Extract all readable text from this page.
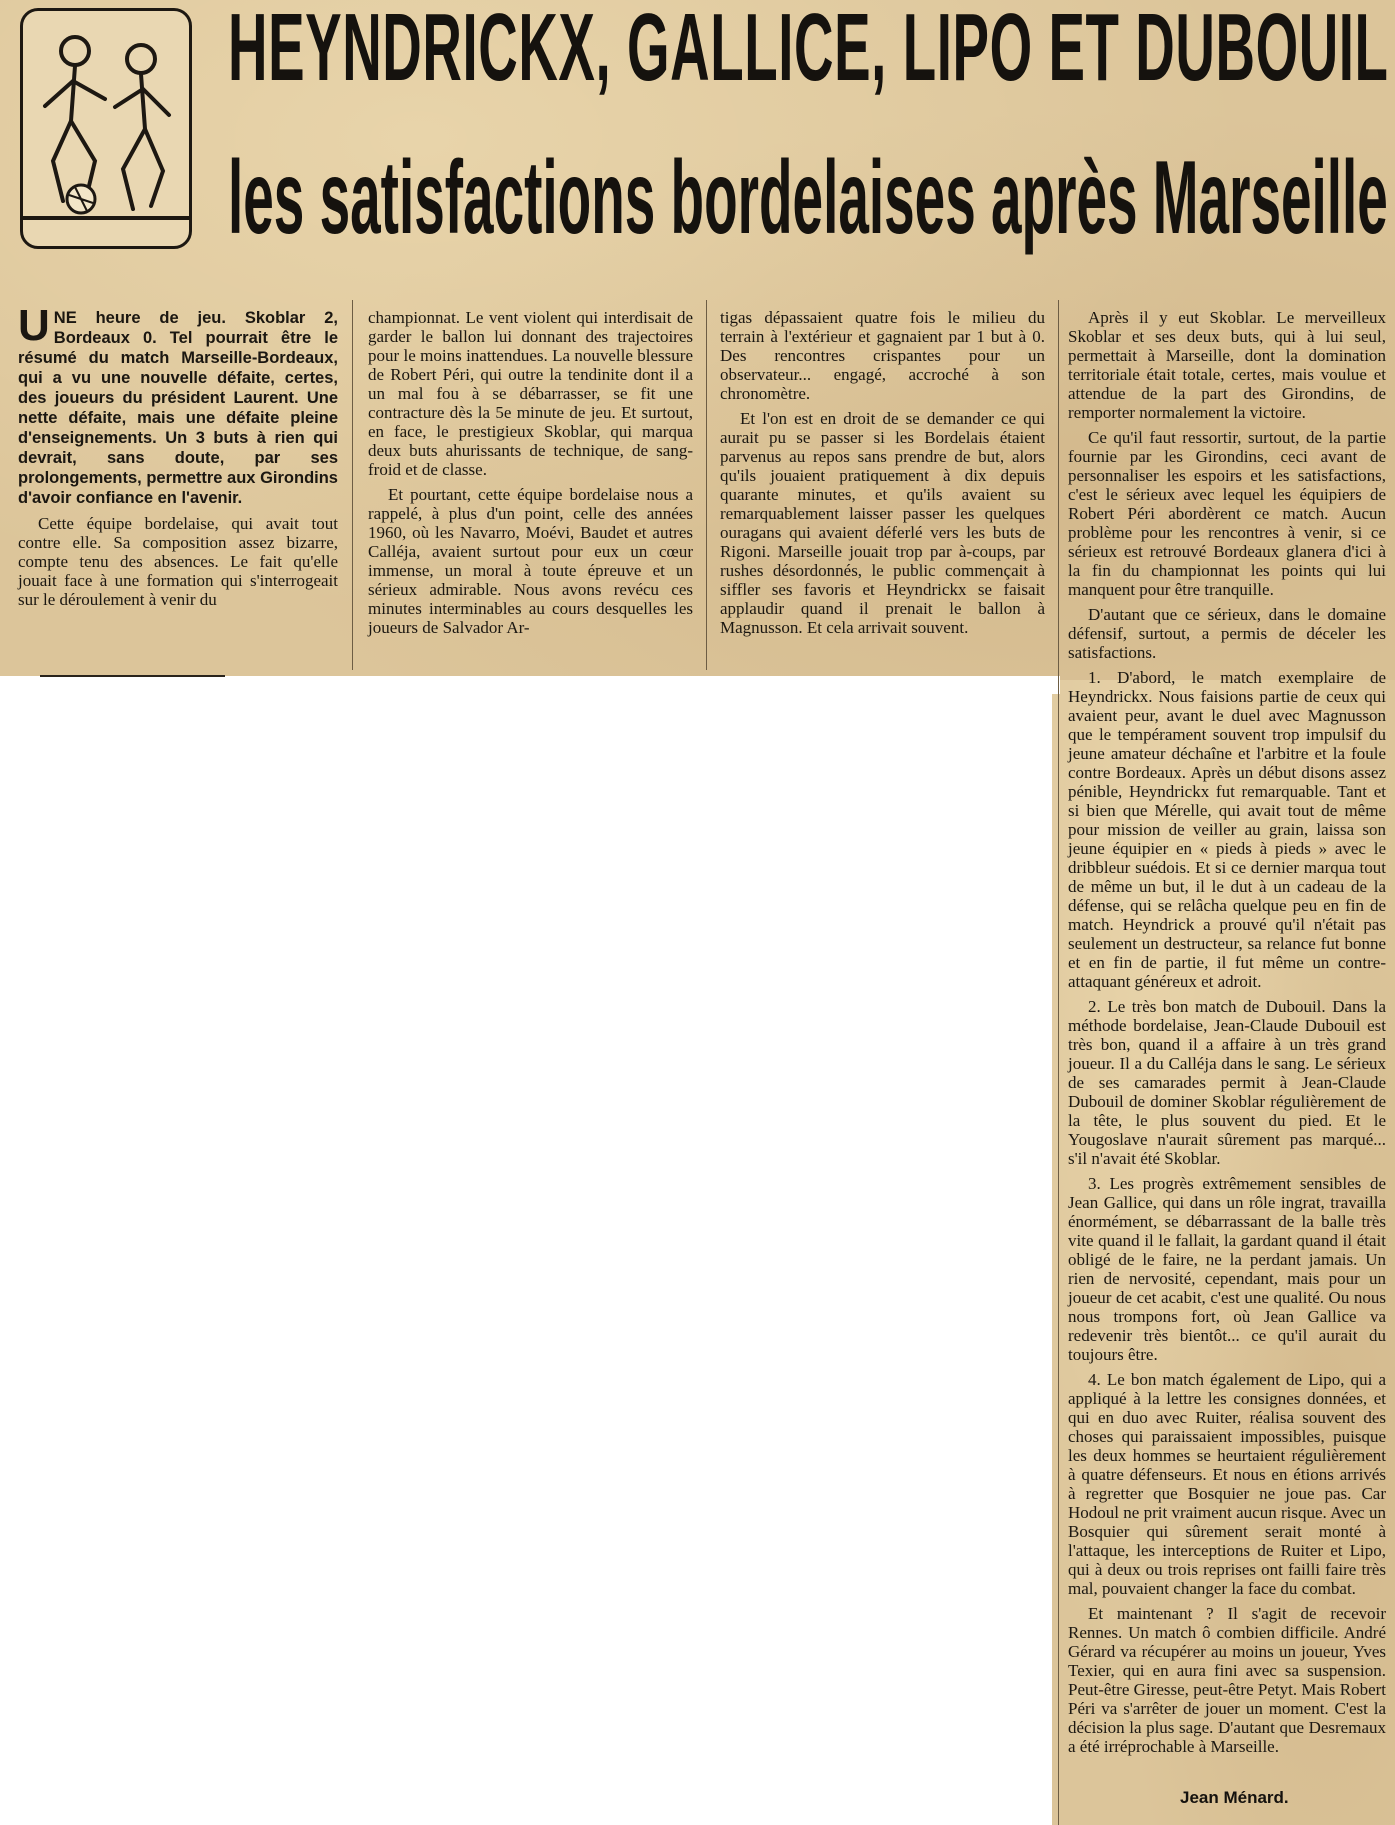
HEYNDRICKX, GALLICE, LIPO ET DUBOUIL
les satisfactions bordelaises après Marseille

UNE heure de jeu. Skoblar 2, Bordeaux 0. Tel pourrait être le résumé du match Marseille-Bordeaux, qui a vu une nouvelle défaite, certes, des joueurs du président Laurent. Une nette défaite, mais une défaite pleine d'enseignements. Un 3 buts à rien qui devrait, sans doute, par ses prolongements, permettre aux Girondins d'avoir confiance en l'avenir.

Cette équipe bordelaise, qui avait tout contre elle. Sa composition assez bizarre, compte tenu des absences. Le fait qu'elle jouait face à une formation qui s'interrogeait sur le déroulement à venir du

championnat. Le vent violent qui interdisait de garder le ballon lui donnant des trajectoires pour le moins inattendues. La nouvelle blessure de Robert Péri, qui outre la tendinite dont il a un mal fou à se débarrasser, se fit une contracture dès la 5e minute de jeu. Et surtout, en face, le prestigieux Skoblar, qui marqua deux buts ahurissants de technique, de sang-froid et de classe.

Et pourtant, cette équipe bordelaise nous a rappelé, à plus d'un point, celle des années 1960, où les Navarro, Moévi, Baudet et autres Calléja, avaient surtout pour eux un cœur immense, un moral à toute épreuve et un sérieux admirable. Nous avons revécu ces minutes interminables au cours desquelles les joueurs de Salvador Ar-

tigas dépassaient quatre fois le milieu du terrain à l'extérieur et gagnaient par 1 but à 0. Des rencontres crispantes pour un observateur... engagé, accroché à son chronomètre.

Et l'on est en droit de se demander ce qui aurait pu se passer si les Bordelais étaient parvenus au repos sans prendre de but, alors qu'ils jouaient pratiquement à dix depuis quarante minutes, et qu'ils avaient su remarquablement laisser passer les quelques ouragans qui avaient déferlé vers les buts de Rigoni. Marseille jouait trop par à-coups, par rushes désordonnés, le public commençait à siffler ses favoris et Heyndrickx se faisait applaudir quand il prenait le ballon à Magnusson. Et cela arrivait souvent.

Après il y eut Skoblar. Le merveilleux Skoblar et ses deux buts, qui à lui seul, permettait à Marseille, dont la domination territoriale était totale, certes, mais voulue et attendue de la part des Girondins, de remporter normalement la victoire.

Ce qu'il faut ressortir, surtout, de la partie fournie par les Girondins, ceci avant de personnaliser les espoirs et les satisfactions, c'est le sérieux avec lequel les équipiers de Robert Péri abordèrent ce match. Aucun problème pour les rencontres à venir, si ce sérieux est retrouvé Bordeaux glanera d'ici à la fin du championnat les points qui lui manquent pour être tranquille.

D'autant que ce sérieux, dans le domaine défensif, surtout, a permis de déceler les satisfactions.

1. D'abord, le match exemplaire de Heyndrickx. Nous faisions partie de ceux qui avaient peur, avant le duel avec Magnusson que le tempérament souvent trop impulsif du jeune amateur déchaîne et l'arbitre et la foule contre Bordeaux. Après un début disons assez pénible, Heyndrickx fut remarquable. Tant et si bien que Mérelle, qui avait tout de même pour mission de veiller au grain, laissa son jeune équipier en « pieds à pieds » avec le dribbleur suédois. Et si ce dernier marqua tout de même un but, il le dut à un cadeau de la défense, qui se relâcha quelque peu en fin de match. Heyndrick a prouvé qu'il n'était pas seulement un destructeur, sa relance fut bonne et en fin de partie, il fut même un contre-attaquant généreux et adroit.

2. Le très bon match de Dubouil. Dans la méthode bordelaise, Jean-Claude Dubouil est très bon, quand il a affaire à un très grand joueur. Il a du Calléja dans le sang. Le sérieux de ses camarades permit à Jean-Claude Dubouil de dominer Skoblar régulièrement de la tête, le plus souvent du pied. Et le Yougoslave n'aurait sûrement pas marqué... s'il n'avait été Skoblar.

3. Les progrès extrêmement sensibles de Jean Gallice, qui dans un rôle ingrat, travailla énormément, se débarrassant de la balle très vite quand il le fallait, la gardant quand il était obligé de le faire, ne la perdant jamais. Un rien de nervosité, cependant, mais pour un joueur de cet acabit, c'est une qualité. Ou nous nous trompons fort, où Jean Gallice va redevenir très bientôt... ce qu'il aurait du toujours être.

4. Le bon match également de Lipo, qui a appliqué à la lettre les consignes données, et qui en duo avec Ruiter, réalisa souvent des choses qui paraissaient impossibles, puisque les deux hommes se heurtaient régulièrement à quatre défenseurs. Et nous en étions arrivés à regretter que Bosquier ne joue pas. Car Hodoul ne prit vraiment aucun risque. Avec un Bosquier qui sûrement serait monté à l'attaque, les interceptions de Ruiter et Lipo, qui à deux ou trois reprises ont failli faire très mal, pouvaient changer la face du combat.

Et maintenant ? Il s'agit de recevoir Rennes. Un match ô combien difficile. André Gérard va récupérer au moins un joueur, Yves Texier, qui en aura fini avec sa suspension. Peut-être Giresse, peut-être Petyt. Mais Robert Péri va s'arrêter de jouer un moment. C'est la décision la plus sage. D'autant que Desremaux a été irréprochable à Marseille.

Jean Ménard.
